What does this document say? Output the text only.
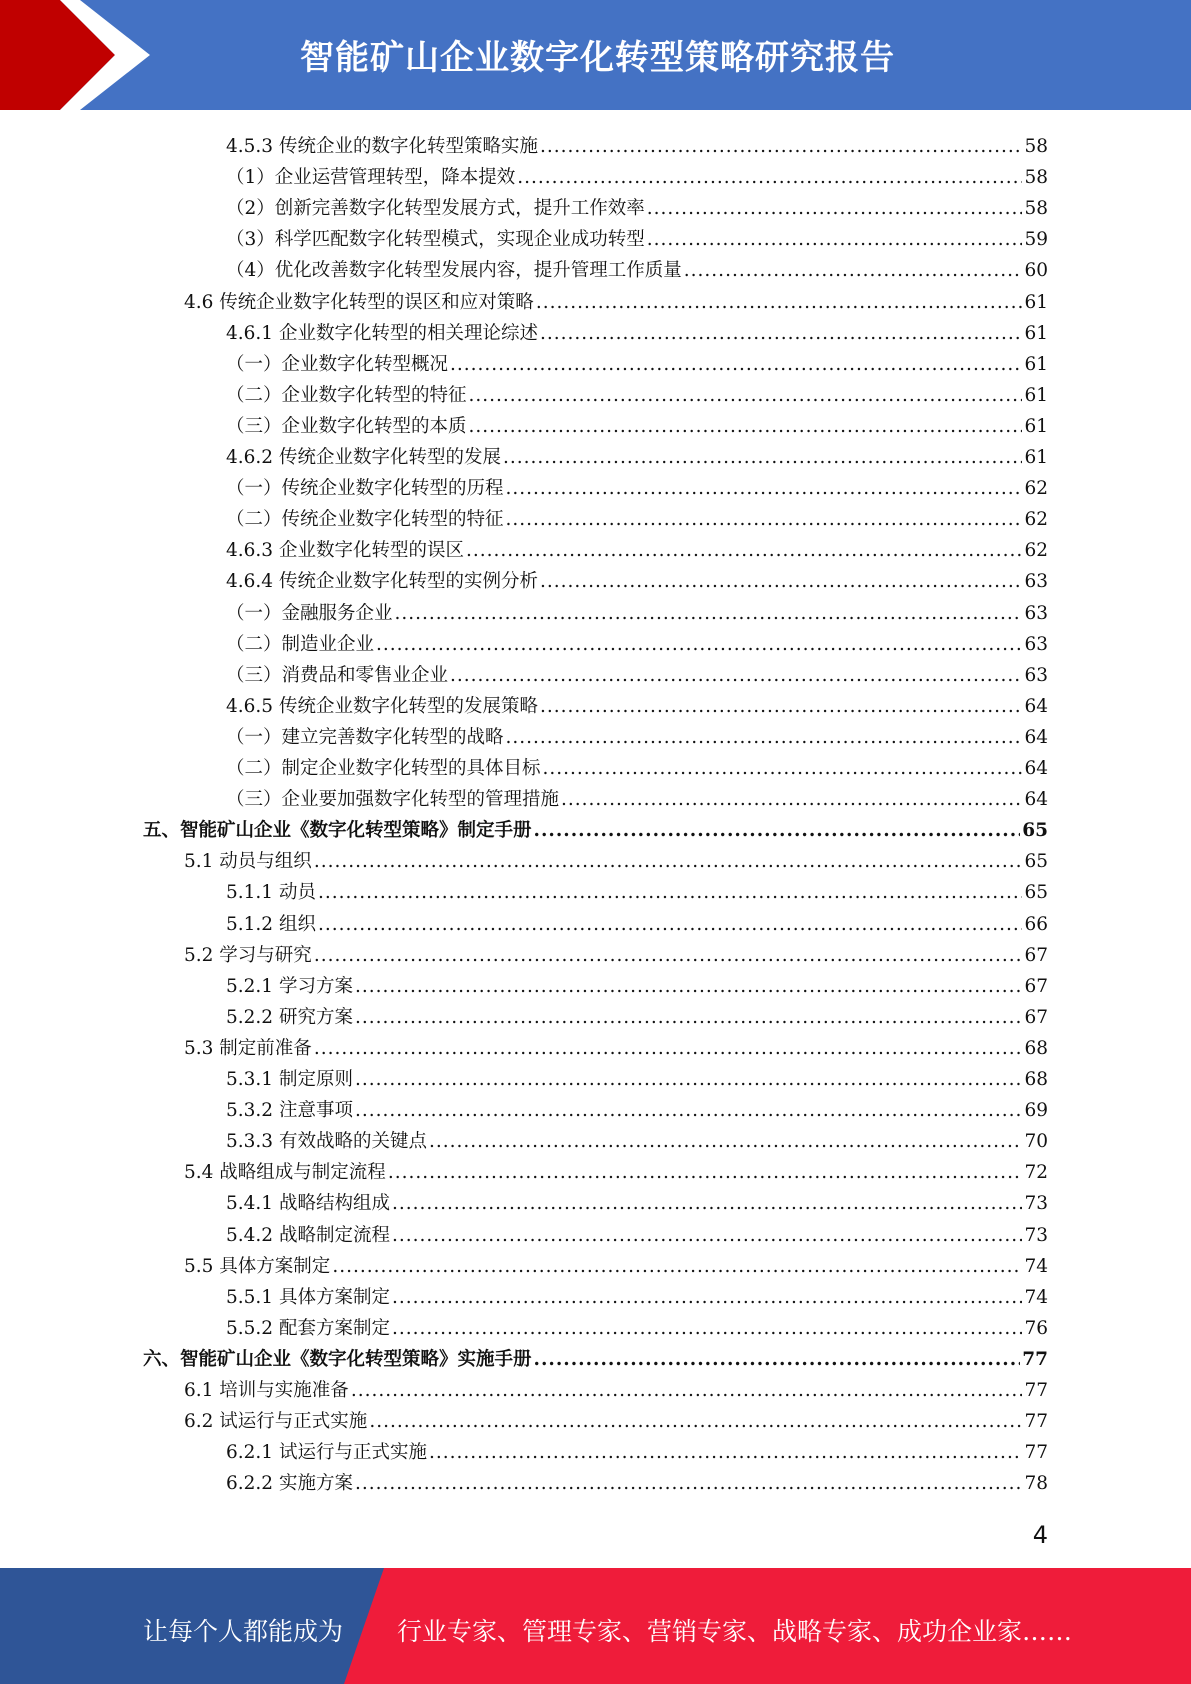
智能矿山企业数字化转型策略研究报告
4.5.3 传统企业的数字化转型策略实施 .....	58
（1）企业运营管理转型，降本提效 .....	58
（2）创新完善数字化转型发展方式，提升工作效率 .....	58
（3）科学匹配数字化转型模式，实现企业成功转型 .....	59
（4）优化改善数字化转型发展内容，提升管理工作质量 .....	60
4.6 传统企业数字化转型的误区和应对策略 .....	61
4.6.1 企业数字化转型的相关理论综述 .....	61
（一）企业数字化转型概况 .....	61
（二）企业数字化转型的特征 .....	61
（三）企业数字化转型的本质 .....	61
4.6.2 传统企业数字化转型的发展 .....	61
（一）传统企业数字化转型的历程 .....	62
（二）传统企业数字化转型的特征 .....	62
4.6.3 企业数字化转型的误区 .....	62
4.6.4 传统企业数字化转型的实例分析 .....	63
（一）金融服务企业 .....	63
（二）制造业企业 .....	63
（三）消费品和零售业企业 .....	63
4.6.5 传统企业数字化转型的发展策略 .....	64
（一）建立完善数字化转型的战略 .....	64
（二）制定企业数字化转型的具体目标 .....	64
（三）企业要加强数字化转型的管理措施 .....	64
五、智能矿山企业《数字化转型策略》制定手册 .....	65
5.1 动员与组织 .....	65
5.1.1 动员 .....	65
5.1.2 组织 .....	66
5.2 学习与研究 .....	67
5.2.1 学习方案 .....	67
5.2.2 研究方案 .....	67
5.3 制定前准备 .....	68
5.3.1 制定原则 .....	68
5.3.2 注意事项 .....	69
5.3.3 有效战略的关键点 .....	70
5.4 战略组成与制定流程 .....	72
5.4.1 战略结构组成 .....	73
5.4.2 战略制定流程 .....	73
5.5 具体方案制定 .....	74
5.5.1 具体方案制定 .....	74
5.5.2 配套方案制定 .....	76
六、智能矿山企业《数字化转型策略》实施手册 .....	77
6.1 培训与实施准备 .....	77
6.2 试运行与正式实施 .....	77
6.2.1 试运行与正式实施 .....	77
6.2.2 实施方案 .....	78
4
让每个人都能成为 行业专家、管理专家、营销专家、战略专家、成功企业家……
